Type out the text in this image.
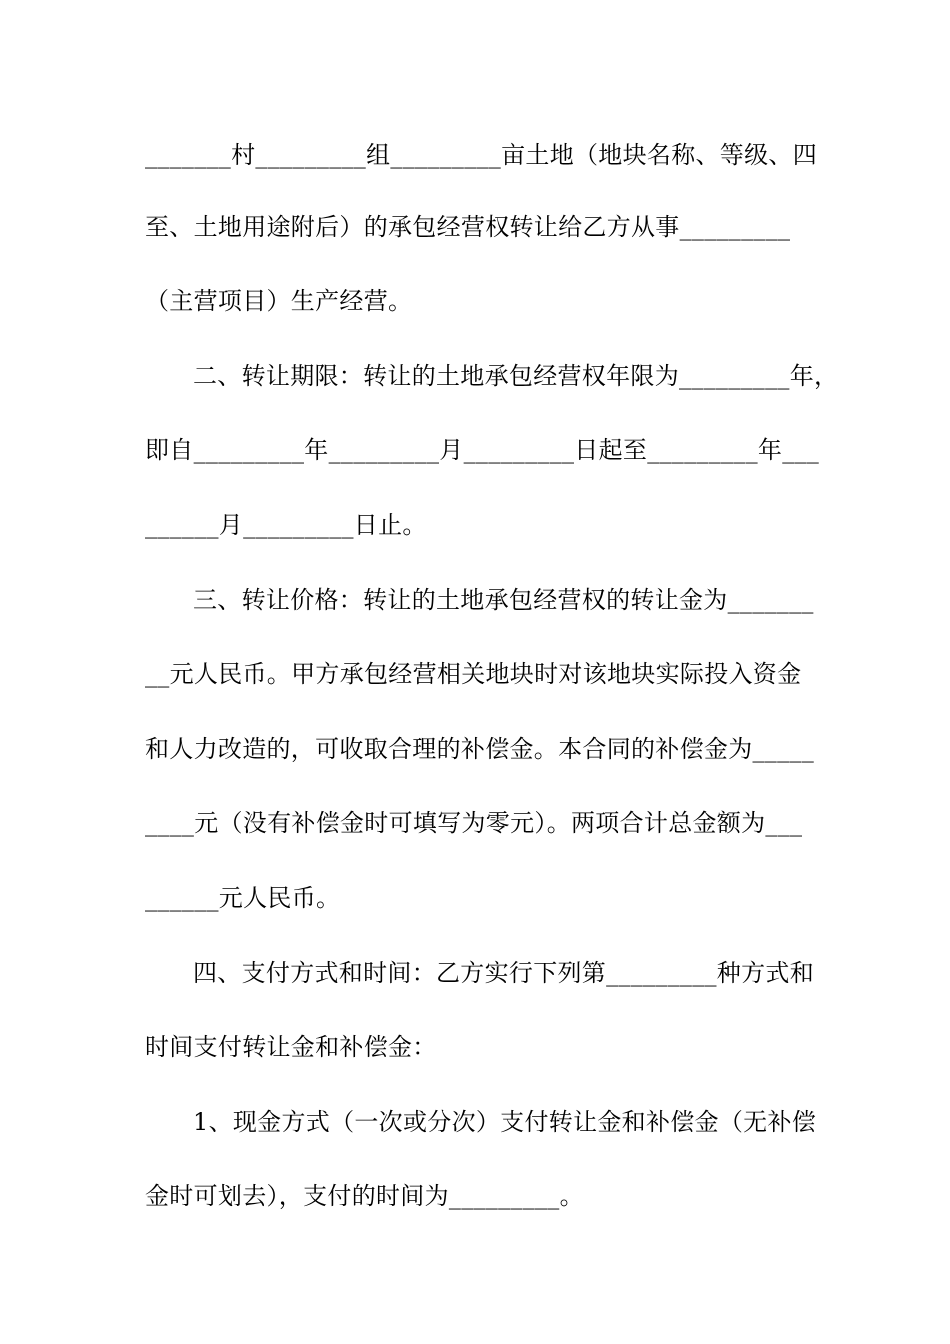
_______村_________组_________亩土地（地块名称、等级、四
至、土地用途附后）的承包经营权转让给乙方从事_________
（主营项目）生产经营。
二、转让期限：转让的土地承包经营权年限为_________年，
即自_________年_________月_________日起至_________年___
______月_________日止。
三、转让价格：转让的土地承包经营权的转让金为_______
__元人民币。甲方承包经营相关地块时对该地块实际投入资金
和人力改造的，可收取合理的补偿金。本合同的补偿金为_____
____元（没有补偿金时可填写为零元）。两项合计总金额为___
______元人民币。
四、支付方式和时间：乙方实行下列第_________种方式和
时间支付转让金和补偿金：
1、现金方式（一次或分次）支付转让金和补偿金（无补偿
金时可划去），支付的时间为_________。
